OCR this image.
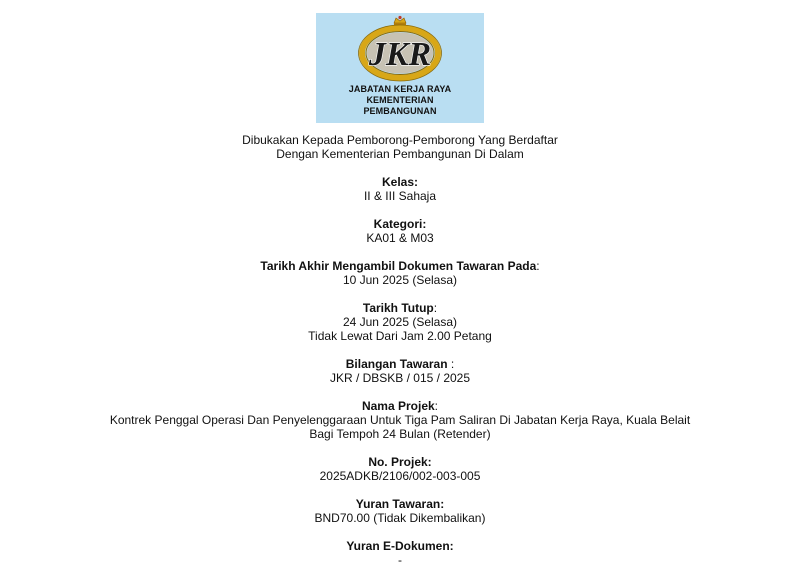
JKR
JABATAN KERJA RAYA
KEMENTERIAN
PEMBANGUNAN
Dibukakan Kepada Pemborong-Pemborong Yang Berdaftar
Dengan Kementerian Pembangunan Di Dalam
Kelas:
II & III Sahaja
Kategori:
KA01 & M03
Tarikh Akhir Mengambil Dokumen Tawaran Pada:
10 Jun 2025 (Selasa)
Tarikh Tutup:
24 Jun 2025 (Selasa)
Tidak Lewat Dari Jam 2.00 Petang
Bilangan Tawaran :
JKR / DBSKB / 015 / 2025
Nama Projek:
Kontrek Penggal Operasi Dan Penyelenggaraan Untuk Tiga Pam Saliran Di Jabatan Kerja Raya, Kuala Belait Bagi Tempoh 24 Bulan (Retender)
No. Projek:
2025ADKB/2106/002-003-005
Yuran Tawaran:
BND70.00 (Tidak Dikembalikan)
Yuran E-Dokumen:
-
